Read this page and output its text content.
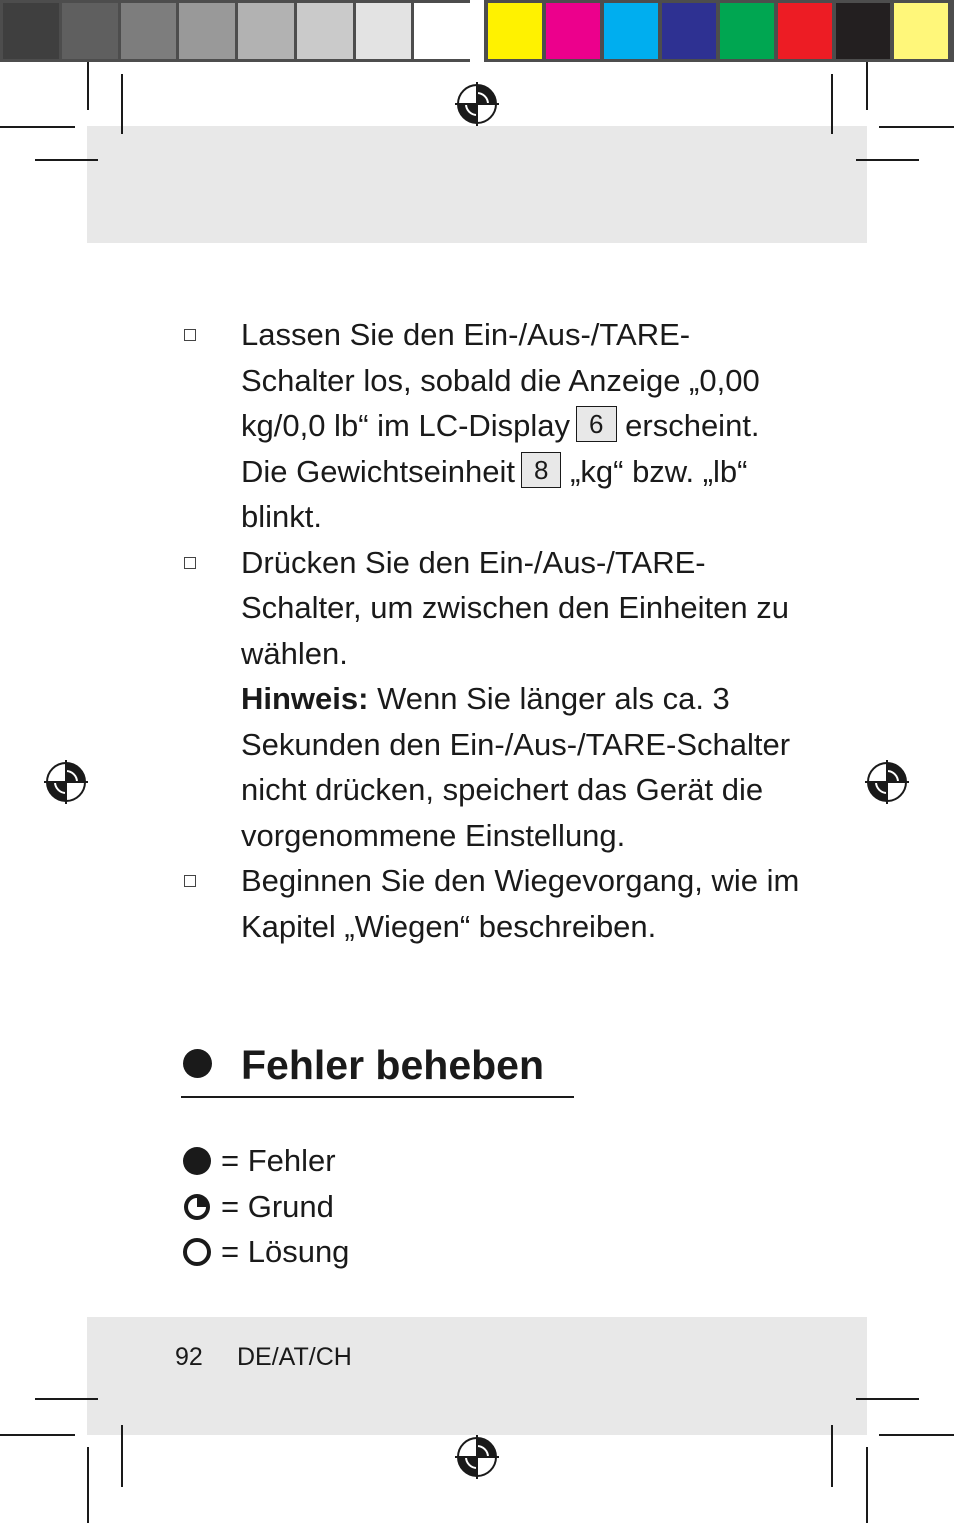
Lassen Sie den Ein-/Aus-/TARE-Schalter los, sobald die Anzeige „0,00 kg/0,0 lb“ im LC-Display 6 erscheint. Die Gewichtseinheit 8 „kg“ bzw. „lb“ blinkt.
Drücken Sie den Ein-/Aus-/TARE-Schalter, um zwischen den Einheiten zu wählen.
Hinweis: Wenn Sie länger als ca. 3 Sekunden den Ein-/Aus-/TARE-Schalter nicht drücken, speichert das Gerät die vorgenommene Einstellung.
Beginnen Sie den Wiegevorgang, wie im Kapitel „Wiegen“ beschreiben.
Fehler beheben
= Fehler
= Grund
= Lösung
92 DE/AT/CH
